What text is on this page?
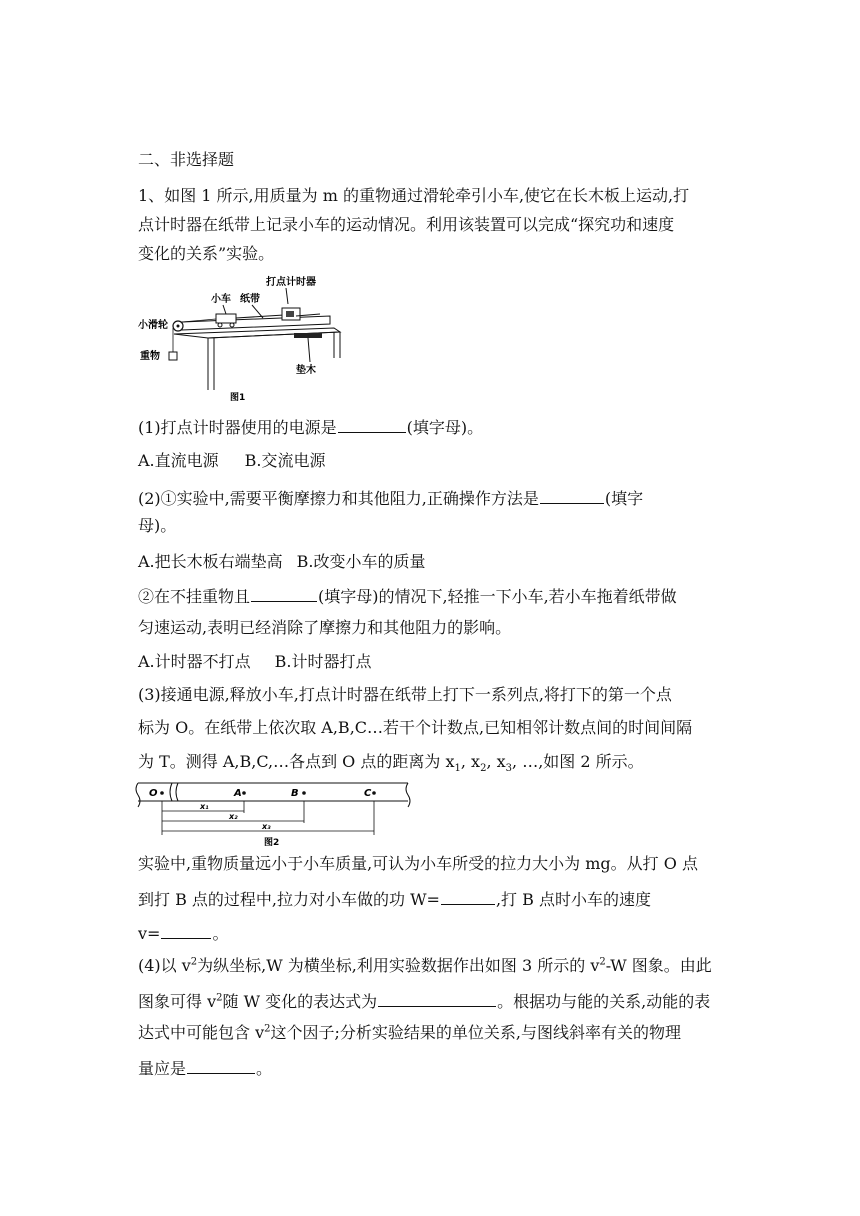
二、非选择题
1、如图 1 所示,用质量为 m 的重物通过滑轮牵引小车,使它在长木板上运动,打
点计时器在纸带上记录小车的运动情况。利用该装置可以完成“探究功和速度
变化的关系”实验。
打点计时器
小车 纸带
小滑轮
垫木
重物
图1
(1)打点计时器使用的电源是	(填字母)。
A.直流电源 B.交流电源
(2)①实验中,需要平衡摩擦力和其他阻力,正确操作方法是	(填字
母)。
A.把长木板右端垫高 B.改变小车的质量
②在不挂重物且	(填字母)的情况下,轻推一下小车,若小车拖着纸带做
匀速运动,表明已经消除了摩擦力和其他阻力的影响。
A.计时器不打点 B.计时器打点
(3)接通电源,释放小车,打点计时器在纸带上打下一系列点,将打下的第一个点
标为 O。在纸带上依次取 A,B,C…若干个计数点,已知相邻计数点间的时间间隔
为 T。测得 A,B,C,…各点到 O 点的距离为 $x_1$, $x_2$, $x_3$, …,如图 2 所示。
O	A	B	C
x₁
x₂
x₃
图2
实验中,重物质量远小于小车质量,可认为小车所受的拉力大小为 mg。从打 O 点
到打 B 点的过程中,拉力对小车做的功 W=	,打 B 点时小车的速度
v=	。
(4)以 $v^2$为纵坐标,W 为横坐标,利用实验数据作出如图 3 所示的 $v^2-W$ 图象。由此
图象可得 $v^2$随 W 变化的表达式为	。根据功与能的关系,动能的表
达式中可能包含 $v^2$这个因子;分析实验结果的单位关系,与图线斜率有关的物理
量应是	。
